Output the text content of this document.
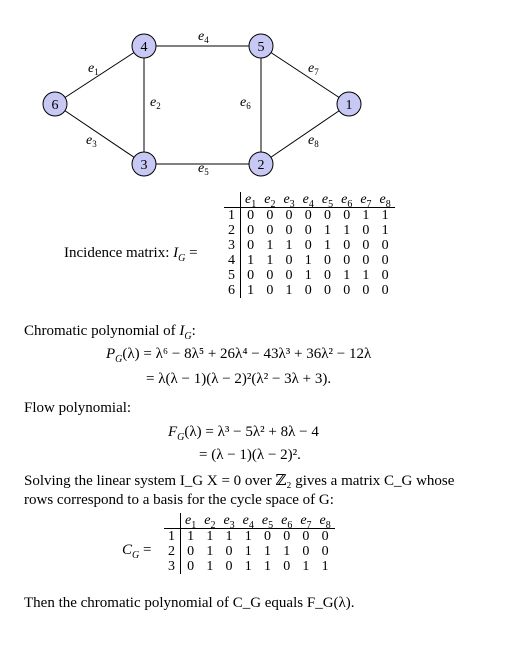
$e_1$
$e_2$
$e_3$
$e_4$
$e_5$
$e_6$
$e_7$
$e_8$
4	5
6	1
3	2
Incidence matrix: $I_G$ =
	$e_1$	$e_2$	$e_3$	$e_4$	$e_5$	$e_6$	$e_7$	$e_8$
1	0	0	0	0	0	0	1	1
2	0	0	0	0	1	1	0	1
3	0	1	1	0	1	0	0	0
4	1	1	0	1	0	0	0	0
5	0	0	0	1	0	1	1	0
6	1	0	1	0	0	0	0	0
Chromatic polynomial of $I_G$:
$P_G(\lambda) = \lambda^6 - 8\lambda^5 + 26\lambda^4 - 43\lambda^3 + 36\lambda^2 - 12\lambda$
= λ(λ − 1)(λ − 2)²(λ² − 3λ + 3).
Flow polynomial:
$F_G(\lambda) = \lambda^3 - 5\lambda^2 + 8\lambda - 4$
= (λ − 1)(λ − 2)².
Solving the linear system I_G X = 0 over ℤ₂ gives a matrix C_G whose
rows correspond to a basis for the cycle space of G:
$C_G$ =
	$e_1$	$e_2$	$e_3$	$e_4$	$e_5$	$e_6$	$e_7$	$e_8$
1	1	1	1	1	0	0	0	0
2	0	1	0	1	1	1	0	0
3	0	1	0	1	1	0	1	1
Then the chromatic polynomial of C_G equals F_G(λ).
